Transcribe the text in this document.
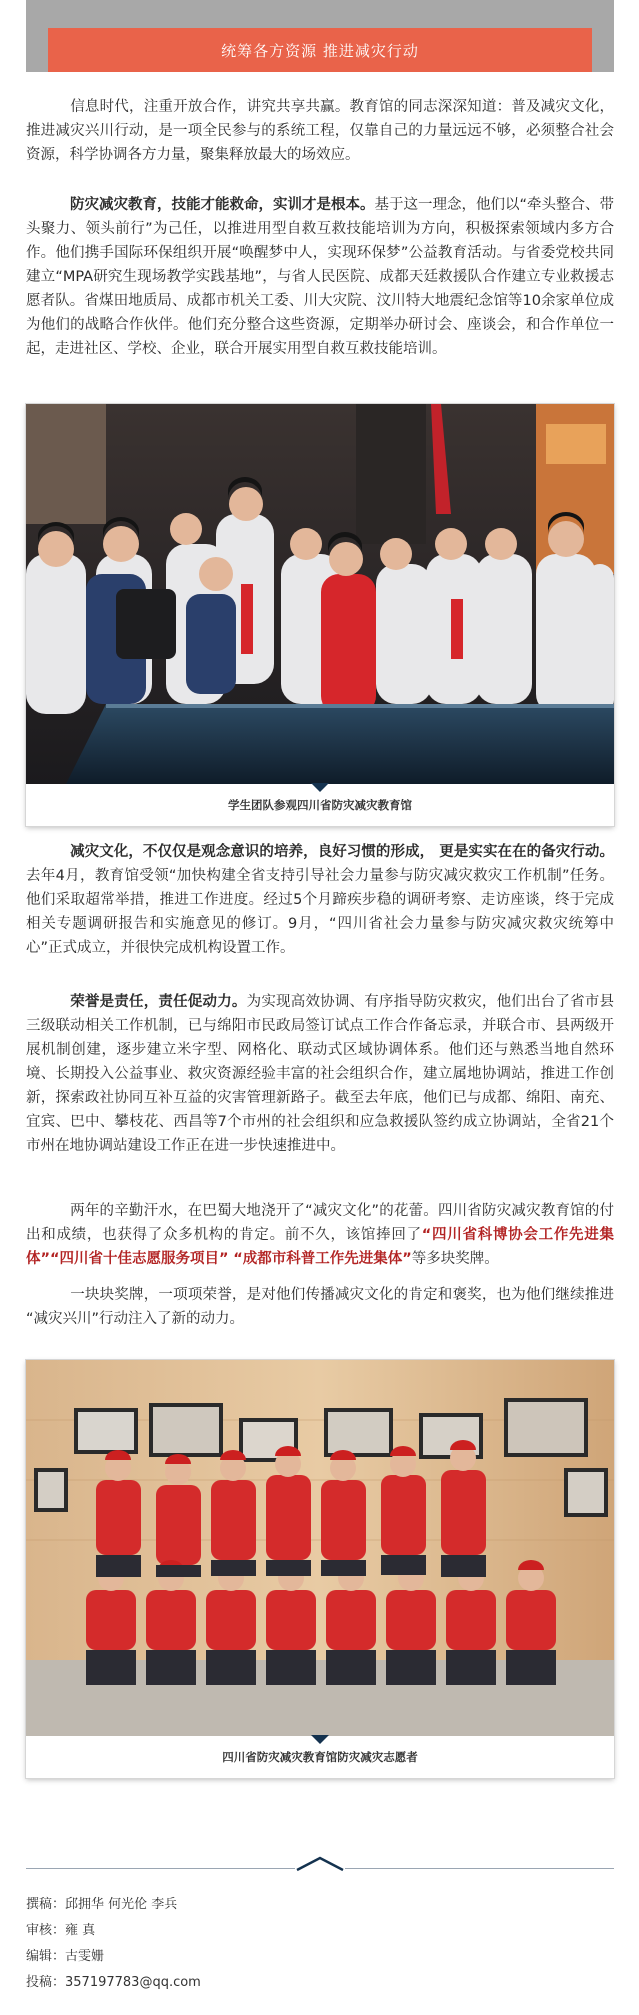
统筹各方资源 推进减灾行动

信息时代，注重开放合作，讲究共享共赢。教育馆的同志深深知道：普及减灾文化，推进减灾兴川行动，是一项全民参与的系统工程，仅靠自己的力量远远不够，必须整合社会资源，科学协调各方力量，聚集释放最大的场效应。

防灾减灾教育，技能才能救命，实训才是根本。基于这一理念，他们以“牵头整合、带头聚力、领头前行”为己任，以推进用型自救互救技能培训为方向，积极探索领域内多方合作。他们携手国际环保组织开展“唤醒梦中人，实现环保梦”公益教育活动。与省委党校共同建立“MPA研究生现场教学实践基地”，与省人民医院、成都天廷救援队合作建立专业救援志愿者队。省煤田地质局、成都市机关工委、川大灾院、汶川特大地震纪念馆等10余家单位成为他们的战略合作伙伴。他们充分整合这些资源，定期举办研讨会、座谈会，和合作单位一起，走进社区、学校、企业，联合开展实用型自救互救技能培训。

学生团队参观四川省防灾减灾教育馆

减灾文化，不仅仅是观念意识的培养，良好习惯的形成， 更是实实在在的备灾行动。去年4月，教育馆受领“加快构建全省支持引导社会力量参与防灾减灾救灾工作机制”任务。他们采取超常举措，推进工作进度。经过5个月蹄疾步稳的调研考察、走访座谈，终于完成相关专题调研报告和实施意见的修订。9月，“四川省社会力量参与防灾减灾救灾统筹中心”正式成立，并很快完成机构设置工作。

荣誉是责任，责任促动力。为实现高效协调、有序指导防灾救灾，他们出台了省市县三级联动相关工作机制，已与绵阳市民政局签订试点工作合作备忘录，并联合市、县两级开展机制创建，逐步建立米字型、网格化、联动式区域协调体系。他们还与熟悉当地自然环境、长期投入公益事业、救灾资源经验丰富的社会组织合作，建立属地协调站，推进工作创新，探索政社协同互补互益的灾害管理新路子。截至去年底，他们已与成都、绵阳、南充、宜宾、巴中、攀枝花、西昌等7个市州的社会组织和应急救援队签约成立协调站，全省21个市州在地协调站建设工作正在进一步快速推进中。

两年的辛勤汗水，在巴蜀大地浇开了“减灾文化”的花蕾。四川省防灾减灾教育馆的付出和成绩，也获得了众多机构的肯定。前不久，该馆捧回了“四川省科博协会工作先进集体”“四川省十佳志愿服务项目” “成都市科普工作先进集体”等多块奖牌。

一块块奖牌，一项项荣誉，是对他们传播减灾文化的肯定和褒奖，也为他们继续推进 “减灾兴川”行动注入了新的动力。

四川省防灾减灾教育馆防灾减灾志愿者
撰稿：邱拥华 何光伦 李兵
审核：雍 真
编辑：古雯姗
投稿：357197783@qq.com
